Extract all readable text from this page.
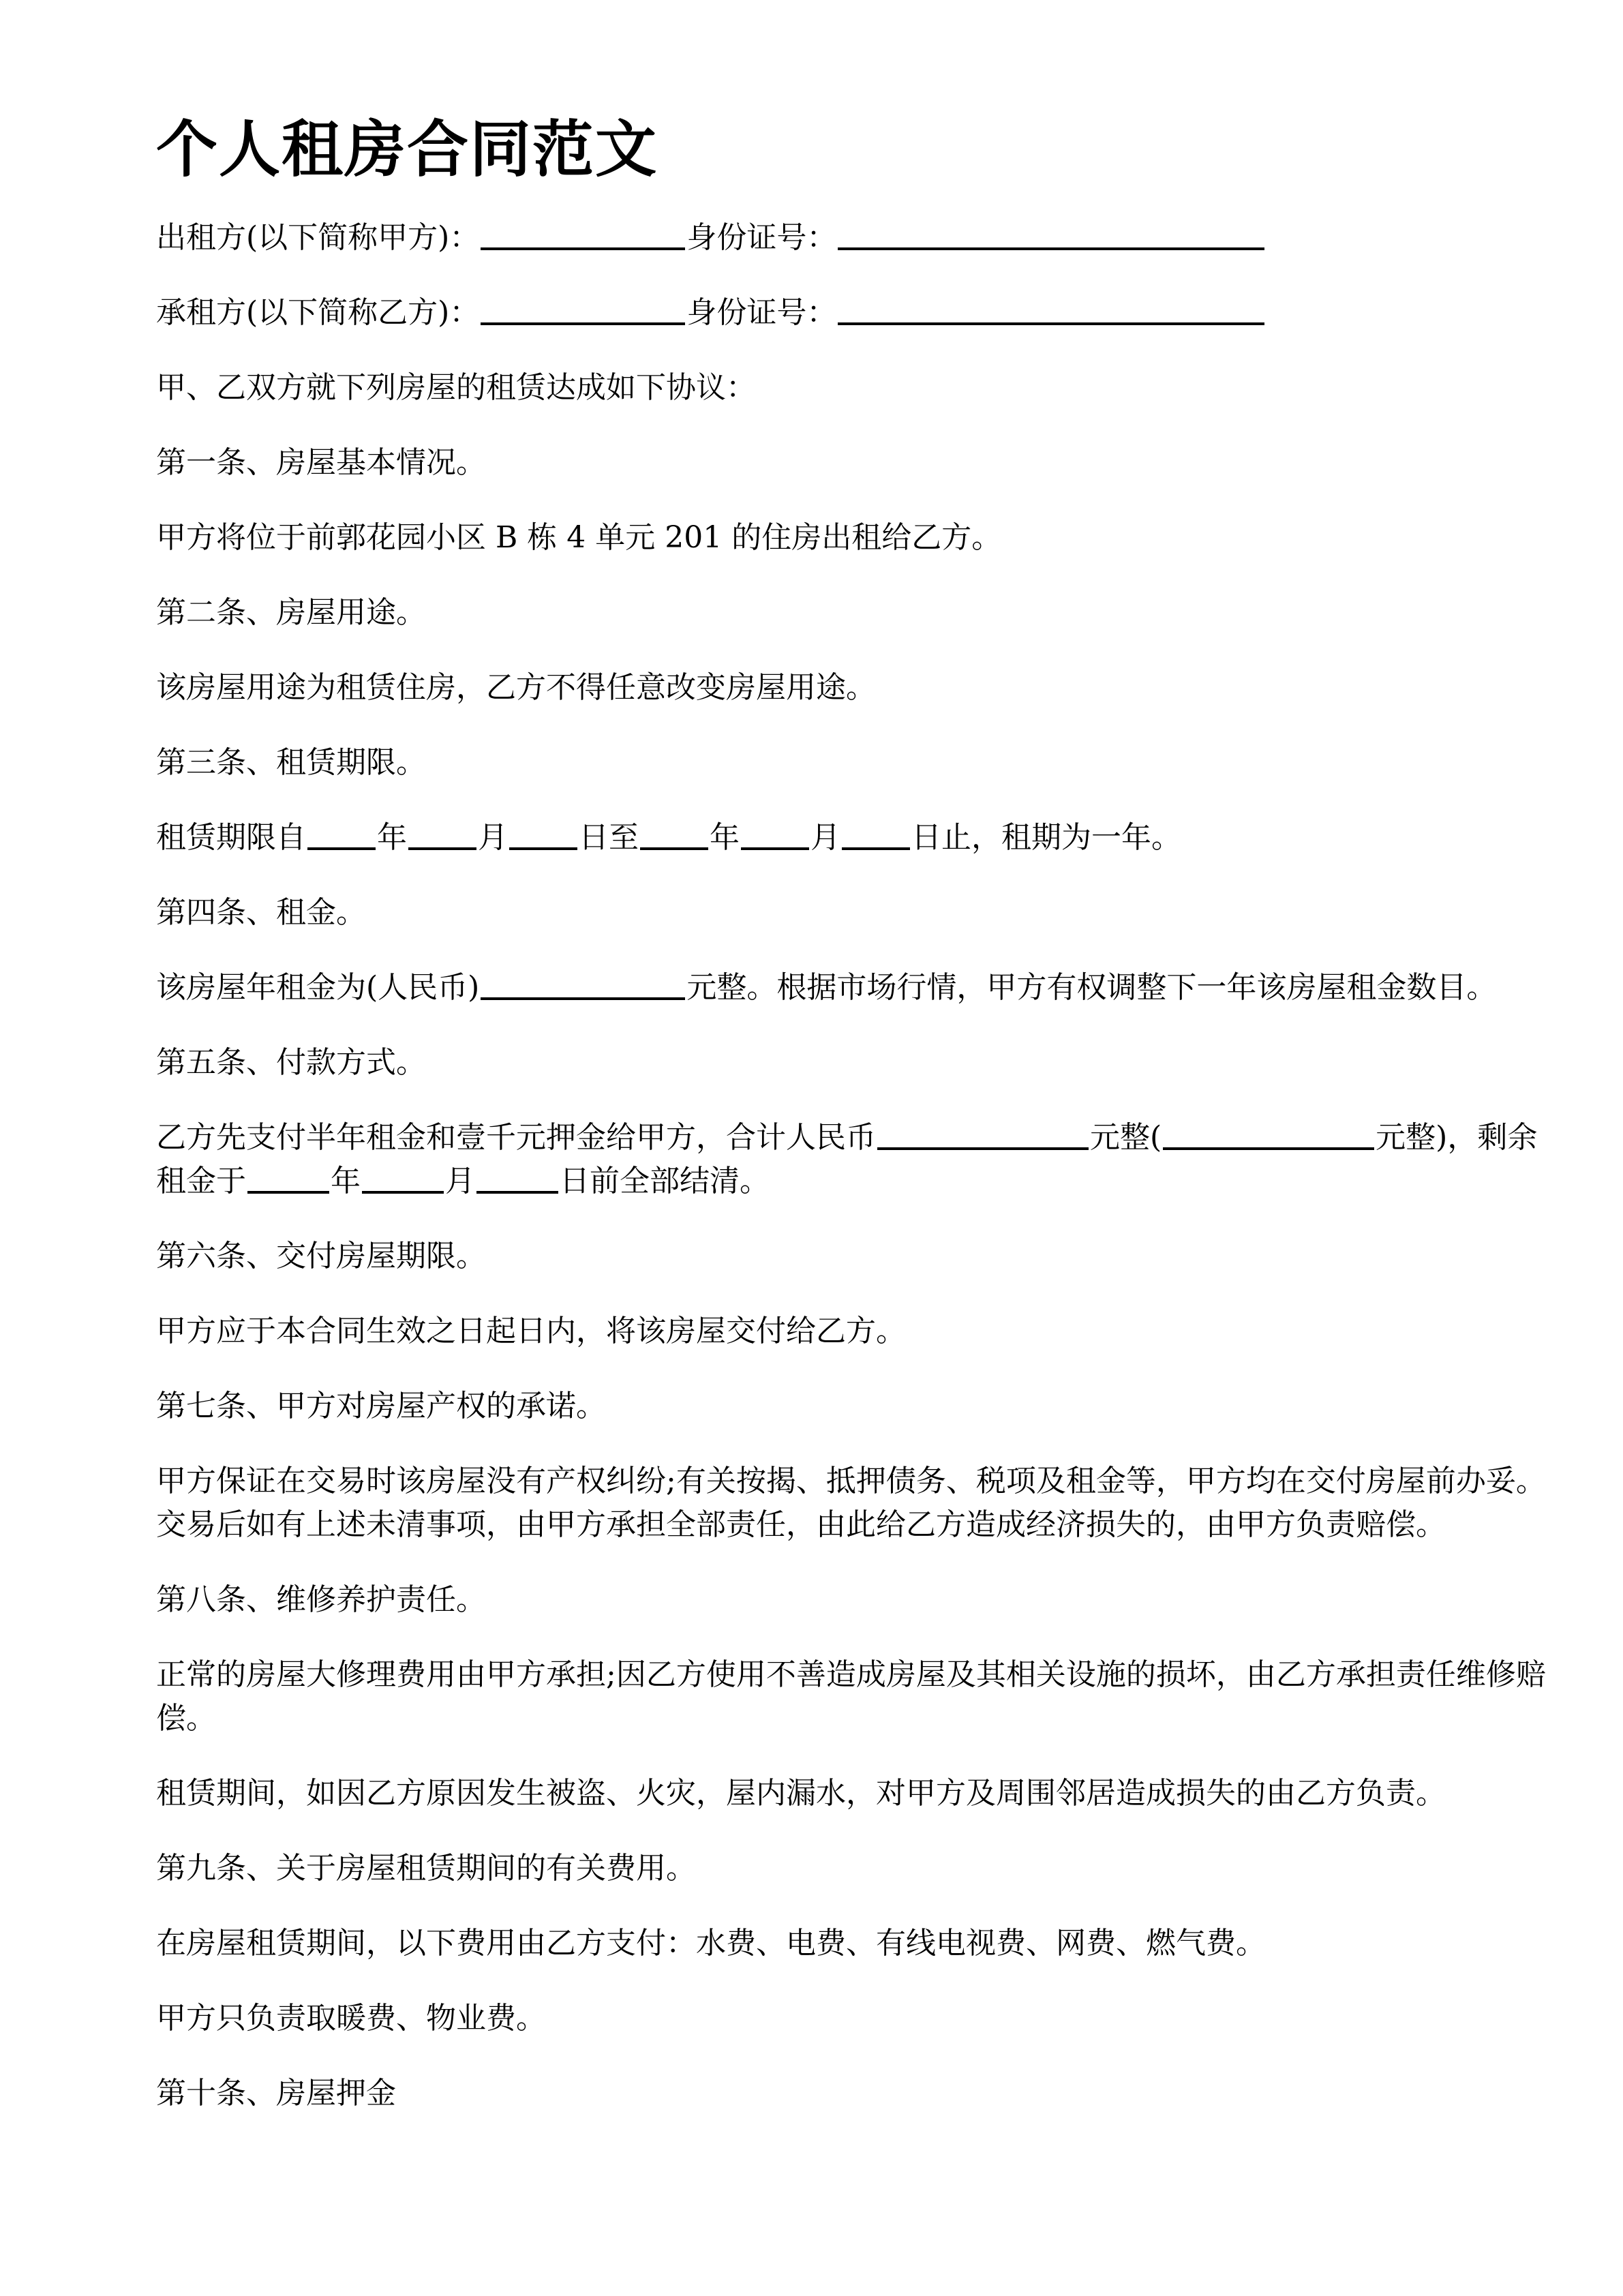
个人租房合同范文
出租方(以下简称甲方)：	身份证号：
承租方(以下简称乙方)：	身份证号：
甲、乙双方就下列房屋的租赁达成如下协议：
第一条、房屋基本情况。
甲方将位于前郭花园小区 B 栋 4 单元 201 的住房出租给乙方。
第二条、房屋用途。
该房屋用途为租赁住房，乙方不得任意改变房屋用途。
第三条、租赁期限。
租赁期限自 年 月 日至 年 月 日止，租期为一年。
第四条、租金。
该房屋年租金为(人民币)	元整。根据市场行情，甲方有权调整下一年该房屋租金数目。
第五条、付款方式。
乙方先支付半年租金和壹千元押金给甲方，合计人民币	元整(	元整)，剩余租金于	年	月	日前全部结清。
第六条、交付房屋期限。
甲方应于本合同生效之日起日内，将该房屋交付给乙方。
第七条、甲方对房屋产权的承诺。
甲方保证在交易时该房屋没有产权纠纷;有关按揭、抵押债务、税项及租金等，甲方均在交付房屋前办妥。交易后如有上述未清事项，由甲方承担全部责任，由此给乙方造成经济损失的，由甲方负责赔偿。
第八条、维修养护责任。
正常的房屋大修理费用由甲方承担;因乙方使用不善造成房屋及其相关设施的损坏，由乙方承担责任维修赔偿。
租赁期间，如因乙方原因发生被盗、火灾，屋内漏水，对甲方及周围邻居造成损失的由乙方负责。
第九条、关于房屋租赁期间的有关费用。
在房屋租赁期间，以下费用由乙方支付：水费、电费、有线电视费、网费、燃气费。
甲方只负责取暖费、物业费。
第十条、房屋押金
